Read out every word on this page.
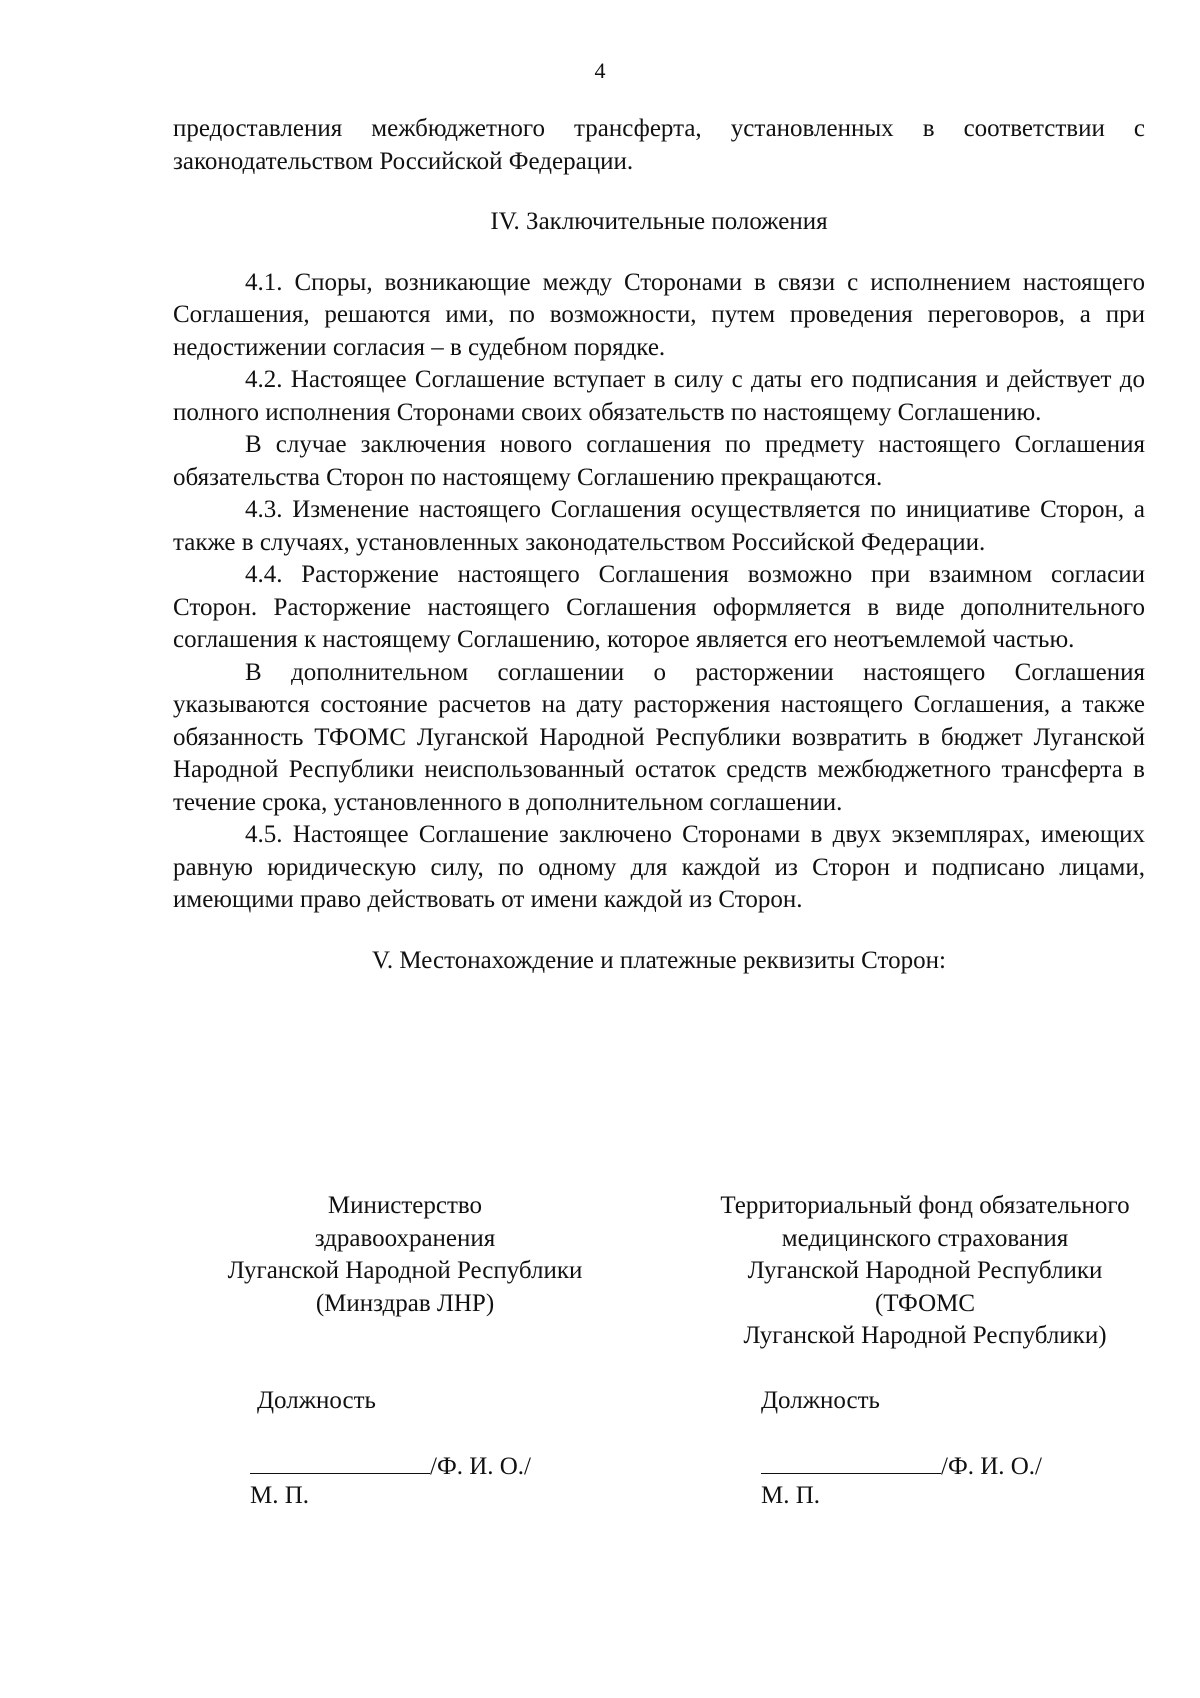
4

предоставления межбюджетного трансферта, установленных в соответствии с законодательством Российской Федерации.

IV. Заключительные положения

4.1. Споры, возникающие между Сторонами в связи с исполнением настоящего Соглашения, решаются ими, по возможности, путем проведения переговоров, а при недостижении согласия – в судебном порядке.

4.2. Настоящее Соглашение вступает в силу с даты его подписания и действует до полного исполнения Сторонами своих обязательств по настоящему Соглашению.

В случае заключения нового соглашения по предмету настоящего Соглашения обязательства Сторон по настоящему Соглашению прекращаются.

4.3. Изменение настоящего Соглашения осуществляется по инициативе Сторон, а также в случаях, установленных законодательством Российской Федерации.

4.4. Расторжение настоящего Соглашения возможно при взаимном согласии Сторон. Расторжение настоящего Соглашения оформляется в виде дополнительного соглашения к настоящему Соглашению, которое является его неотъемлемой частью.

В дополнительном соглашении о расторжении настоящего Соглашения указываются состояние расчетов на дату расторжения настоящего Соглашения, а также обязанность ТФОМС Луганской Народной Республики возвратить в бюджет Луганской Народной Республики неиспользованный остаток средств межбюджетного трансферта в течение срока, установленного в дополнительном соглашении.

4.5. Настоящее Соглашение заключено Сторонами в двух экземплярах, имеющих равную юридическую силу, по одному для каждой из Сторон и подписано лицами, имеющими право действовать от имени каждой из Сторон.

V. Местонахождение и платежные реквизиты Сторон:

Министерство
здравоохранения
Луганской Народной Республики
(Минздрав ЛНР)
Территориальный фонд обязательного
медицинского страхования
Луганской Народной Республики
(ТФОМС
Луганской Народной Республики)
Должность	Должность
/Ф. И. О./	/Ф. И. О./
М. П.	М. П.
